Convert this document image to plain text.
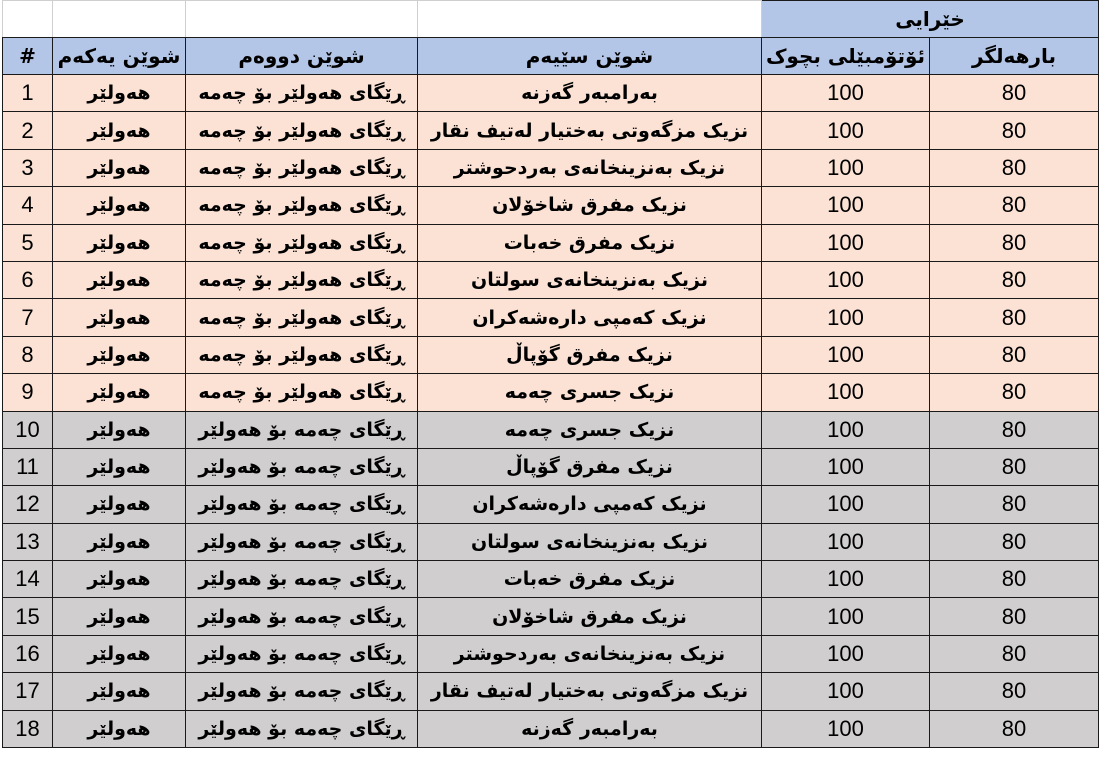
				خێرایی	
#	شوێن یەکەم	شوێن دووەم	شوێن سێیەم	ئۆتۆمبێلی بچوک	بارهەلگر
1	هەولێر	ڕێگای هەولێر بۆ چەمە	بەرامبەر گەزنە	100	80
2	هەولێر	ڕێگای هەولێر بۆ چەمە	نزیک مزگەوتی بەختیار لەتیف نقار	100	80
3	هەولێر	ڕێگای هەولێر بۆ چەمە	نزیک بەنزینخانەی بەردحوشتر	100	80
4	هەولێر	ڕێگای هەولێر بۆ چەمە	نزیک مفرق شاخۆلان	100	80
5	هەولێر	ڕێگای هەولێر بۆ چەمە	نزیک مفرق خەبات	100	80
6	هەولێر	ڕێگای هەولێر بۆ چەمە	نزیک بەنزینخانەی سولتان	100	80
7	هەولێر	ڕێگای هەولێر بۆ چەمە	نزیک کەمپی دارەشەکران	100	80
8	هەولێر	ڕێگای هەولێر بۆ چەمە	نزیک مفرق گۆپاڵ	100	80
9	هەولێر	ڕێگای هەولێر بۆ چەمە	نزیک جسری چەمە	100	80
10	هەولێر	ڕێگای چەمە بۆ هەولێر	نزیک جسری چەمە	100	80
11	هەولێر	ڕێگای چەمە بۆ هەولێر	نزیک مفرق گۆپاڵ	100	80
12	هەولێر	ڕێگای چەمە بۆ هەولێر	نزیک کەمپی دارەشەکران	100	80
13	هەولێر	ڕێگای چەمە بۆ هەولێر	نزیک بەنزینخانەی سولتان	100	80
14	هەولێر	ڕێگای چەمە بۆ هەولێر	نزیک مفرق خەبات	100	80
15	هەولێر	ڕێگای چەمە بۆ هەولێر	نزیک مفرق شاخۆلان	100	80
16	هەولێر	ڕێگای چەمە بۆ هەولێر	نزیک بەنزینخانەی بەردحوشتر	100	80
17	هەولێر	ڕێگای چەمە بۆ هەولێر	نزیک مزگەوتی بەختیار لەتیف نقار	100	80
18	هەولێر	ڕێگای چەمە بۆ هەولێر	بەرامبەر گەزنە	100	80
